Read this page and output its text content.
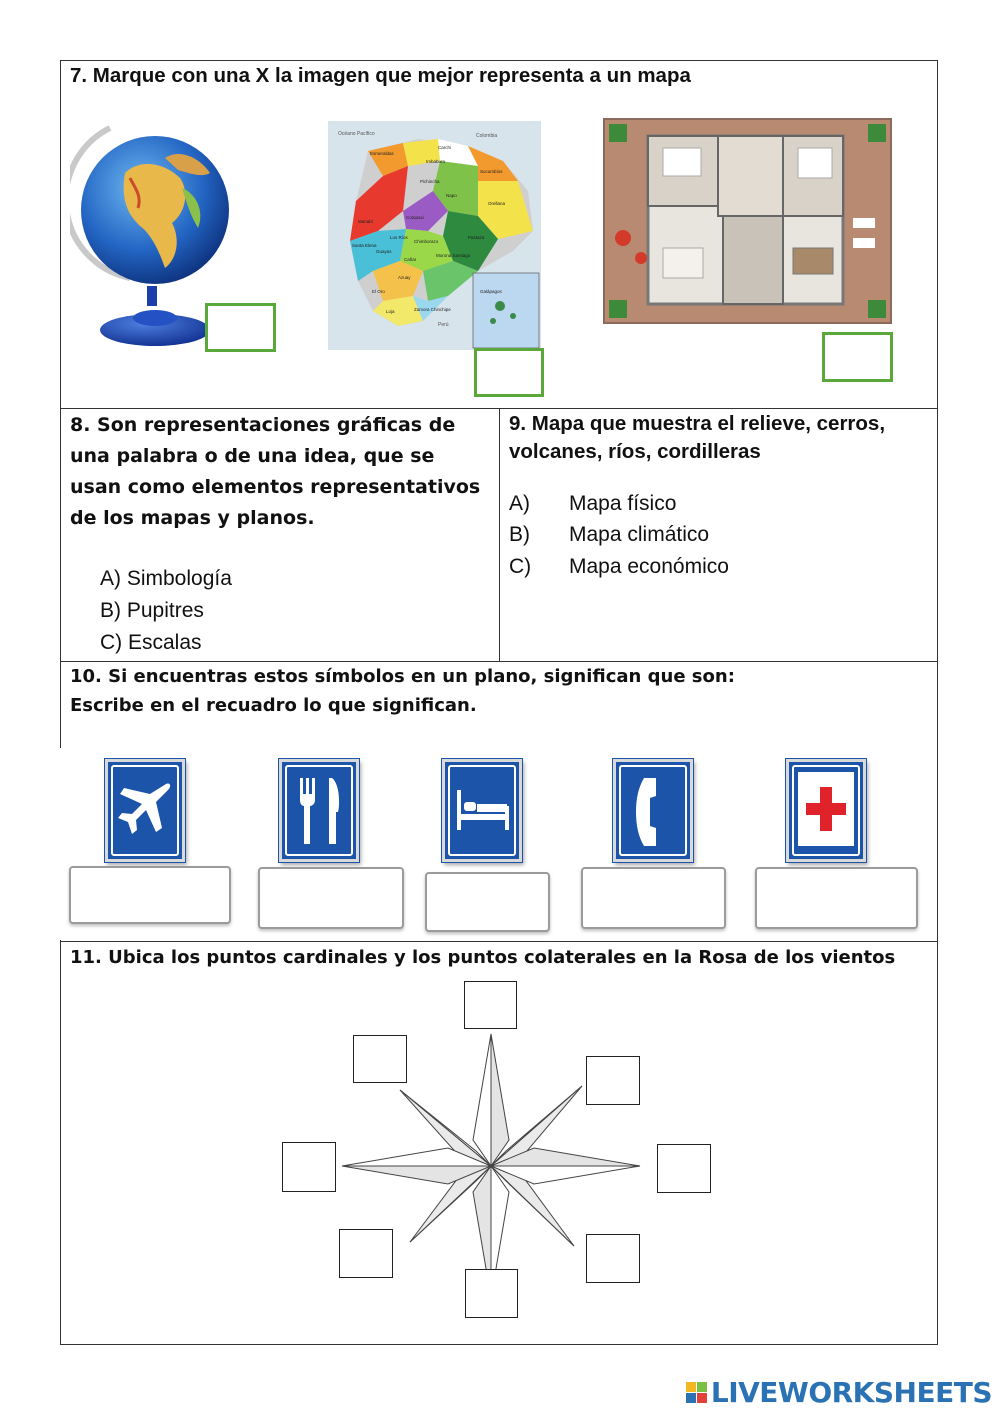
7. Marque con una X la imagen que mejor representa a un mapa
Océano Pacífico	Colombia
Esmeraldas
Imbabura
Carchi
Sucumbíos
Pichincha
Napo
Orellana
Manabí
Cotopaxi
Pastaza
Los Ríos
Guayas
Chimborazo
Santa Elena
Cañar
Morona Santiago
Azuay
El Oro
Loja	Zamora Chinchipe
Perú
Galápagos
8. Son representaciones gráficas de una palabra o de una idea, que se usan como elementos representativos de los mapas y planos.
A) Simbología
B) Pupitres
C) Escalas
9. Mapa que muestra el relieve, cerros, volcanes, ríos, cordilleras
A) Mapa físico
B) Mapa climático
C) Mapa económico
10. Si encuentras estos símbolos en un plano, significan que son:
Escribe en el recuadro lo que significan.
11. Ubica los puntos cardinales y los puntos colaterales en la Rosa de los vientos
LIVEWORKSHEETS
